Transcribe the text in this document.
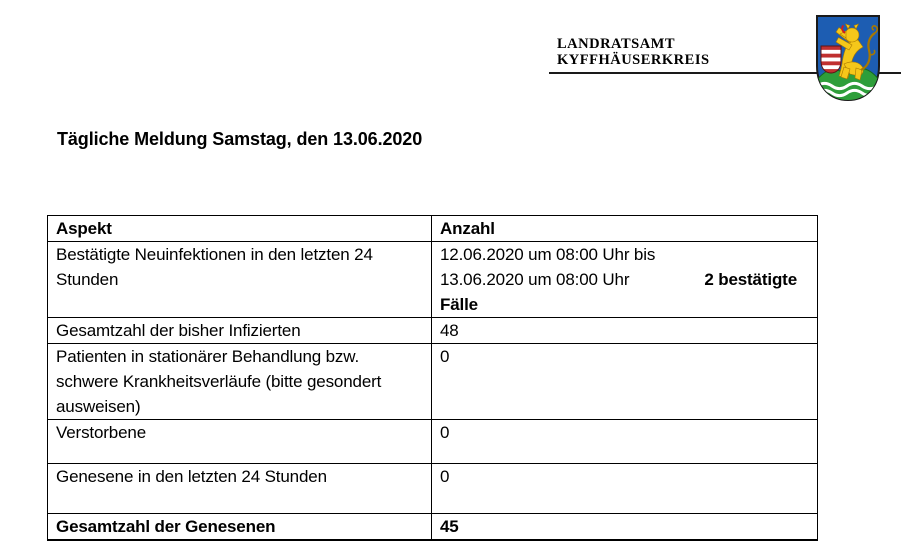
LANDRATSAMT
KYFFHÄUSERKREIS
Tägliche Meldung Samstag, den 13.06.2020
Aspekt	Anzahl
Bestätigte Neuinfektionen in den letzten 24 Stunden	12.06.2020 um 08:00 Uhr bis
13.06.2020 um 08:00 Uhr 2 bestätigte
Fälle

Gesamtzahl der bisher Infizierten	48
Patienten in stationärer Behandlung bzw. schwere Krankheitsverläufe (bitte gesondert ausweisen)	0
Verstorbene	0
Genesene in den letzten 24 Stunden	0
Gesamtzahl der Genesenen	45
